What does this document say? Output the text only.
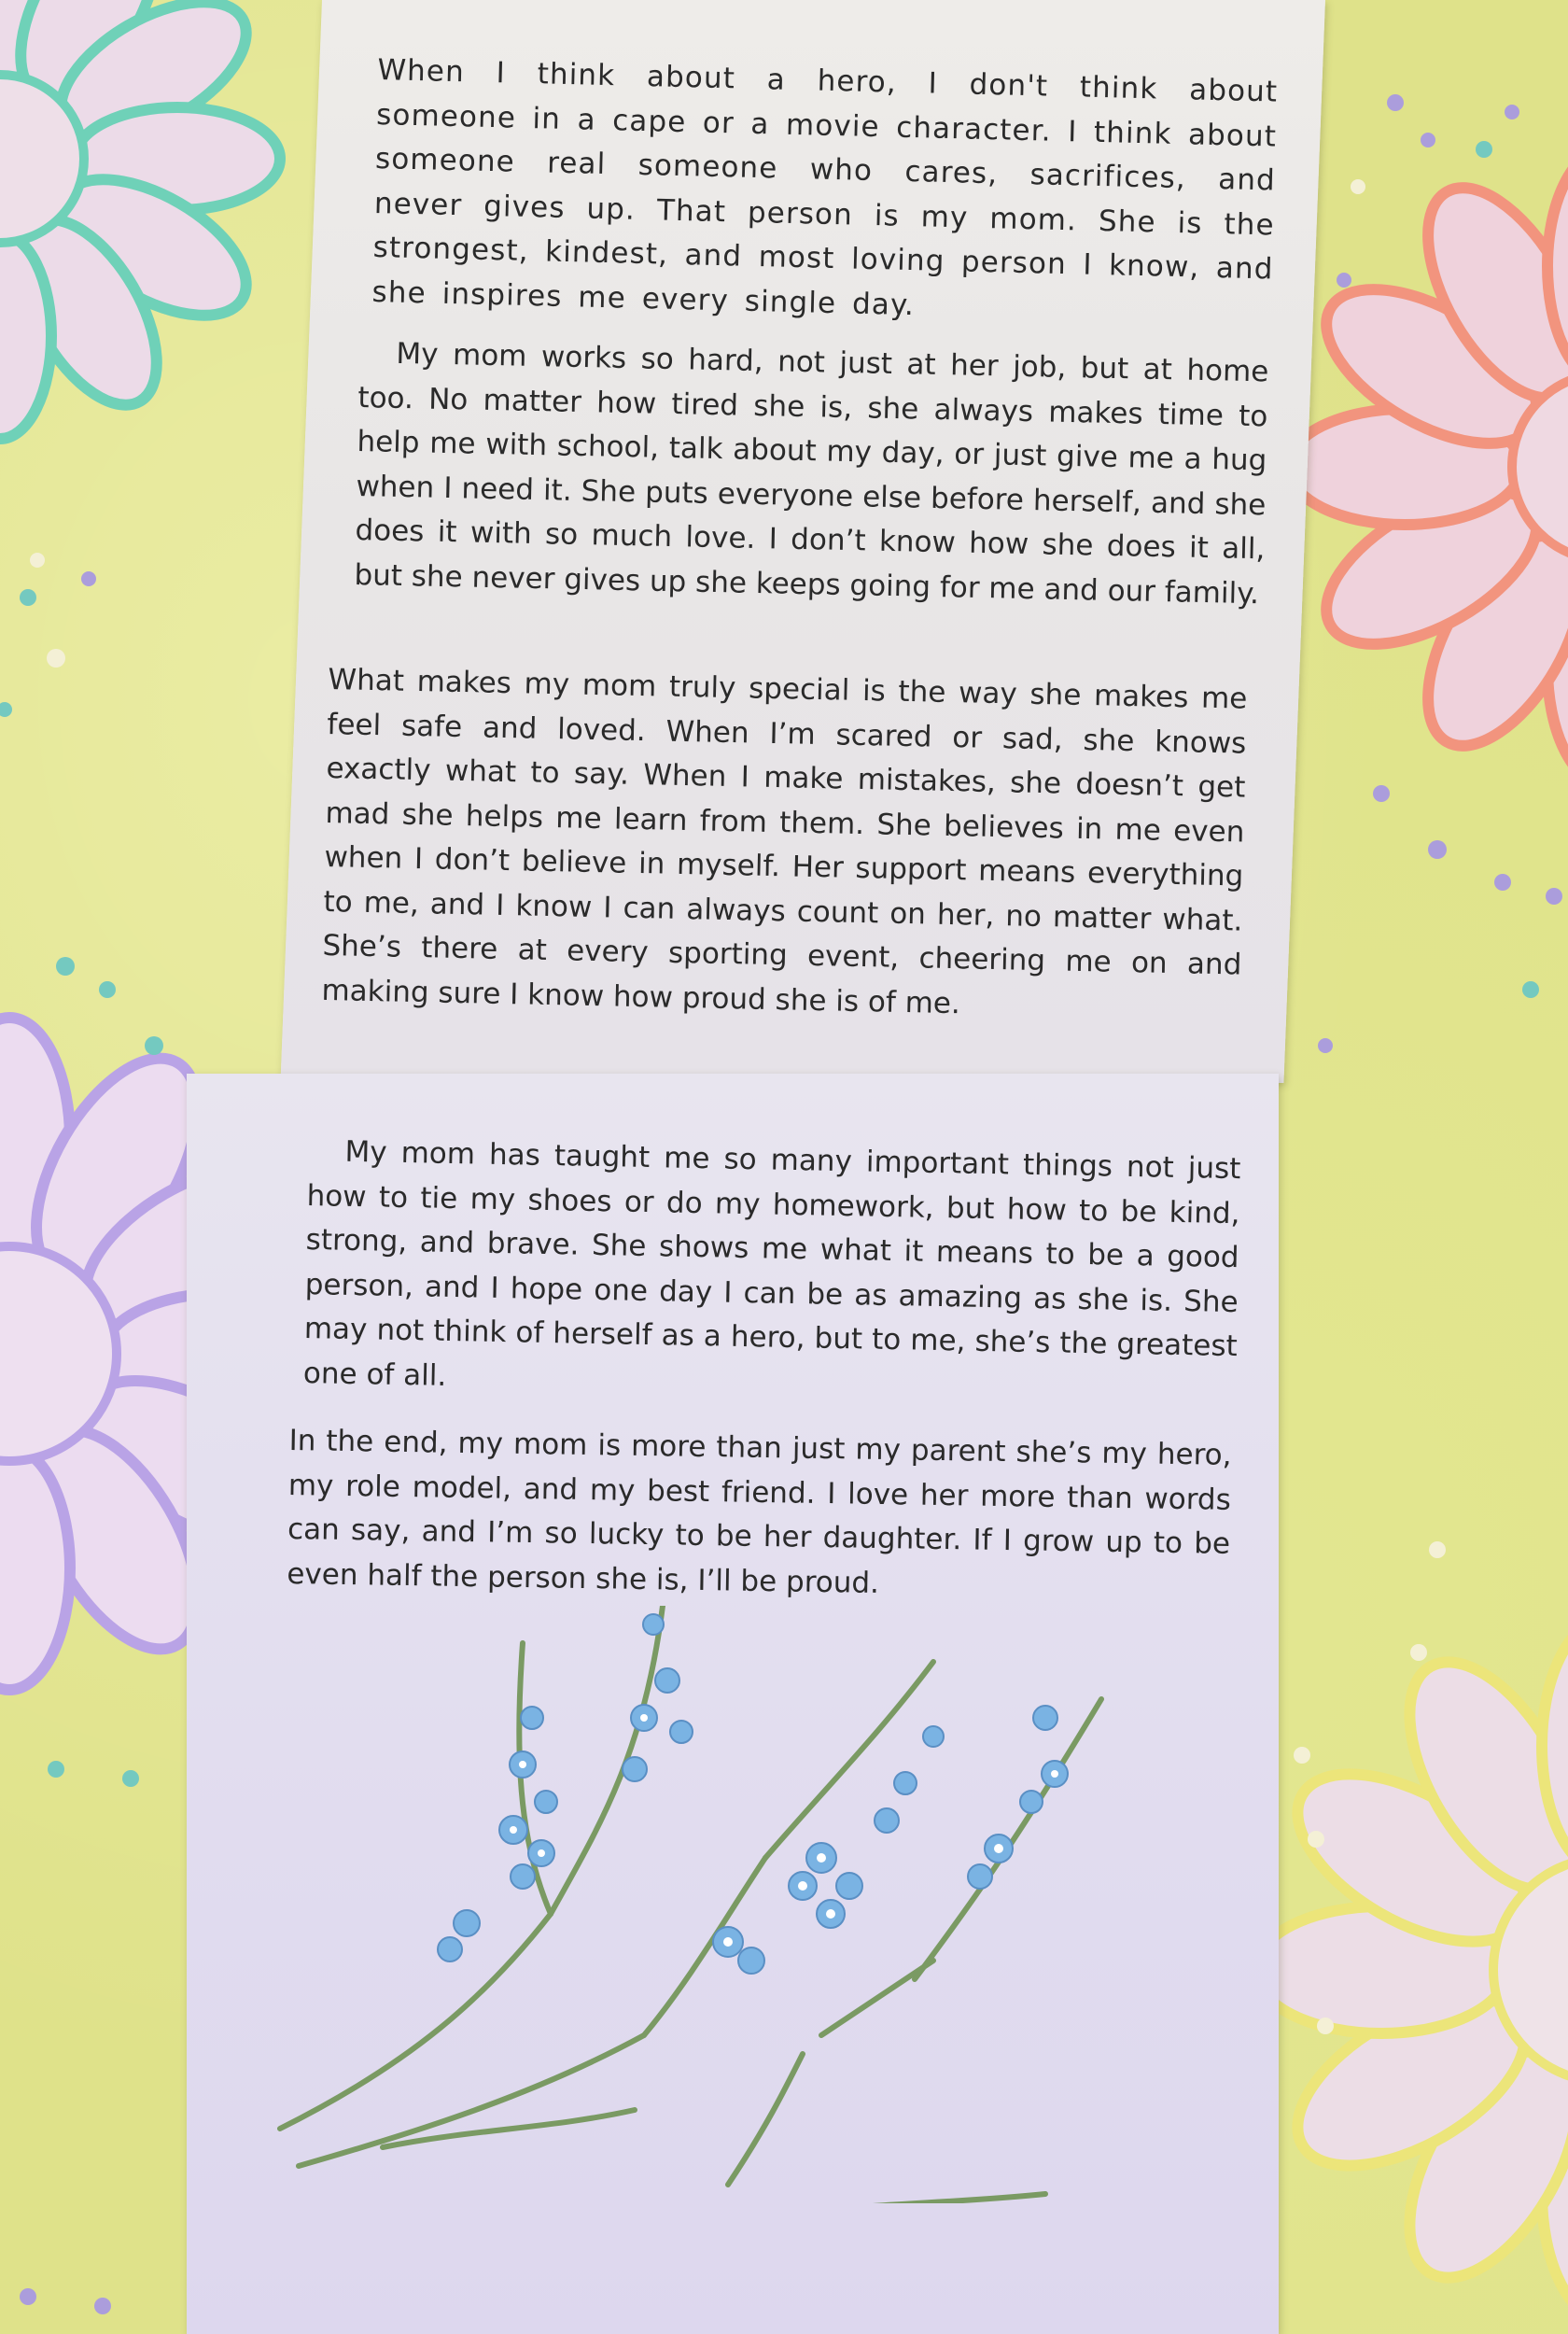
When I think about a hero, I don't think about someone in a cape or a movie character. I think about someone real someone who cares, sacrifices, and never gives up. That person is my mom. She is the strongest, kindest, and most loving person I know, and she inspires me every single day.

My mom works so hard, not just at her job, but at home too. No matter how tired she is, she always makes time to help me with school, talk about my day, or just give me a hug when I need it. She puts everyone else before herself, and she does it with so much love. I don’t know how she does it all, but she never gives up she keeps going for me and our family.

What makes my mom truly special is the way she makes me feel safe and loved. When I’m scared or sad, she knows exactly what to say. When I make mistakes, she doesn’t get mad she helps me learn from them. She believes in me even when I don’t believe in myself. Her support means everything to me, and I know I can always count on her, no matter what. She’s there at every sporting event, cheering me on and making sure I know how proud she is of me.

My mom has taught me so many important things not just how to tie my shoes or do my homework, but how to be kind, strong, and brave. She shows me what it means to be a good person, and I hope one day I can be as amazing as she is. She may not think of herself as a hero, but to me, she’s the greatest one of all.

In the end, my mom is more than just my parent she’s my hero, my role model, and my best friend. I love her more than words can say, and I’m so lucky to be her daughter. If I grow up to be even half the person she is, I’ll be proud.
